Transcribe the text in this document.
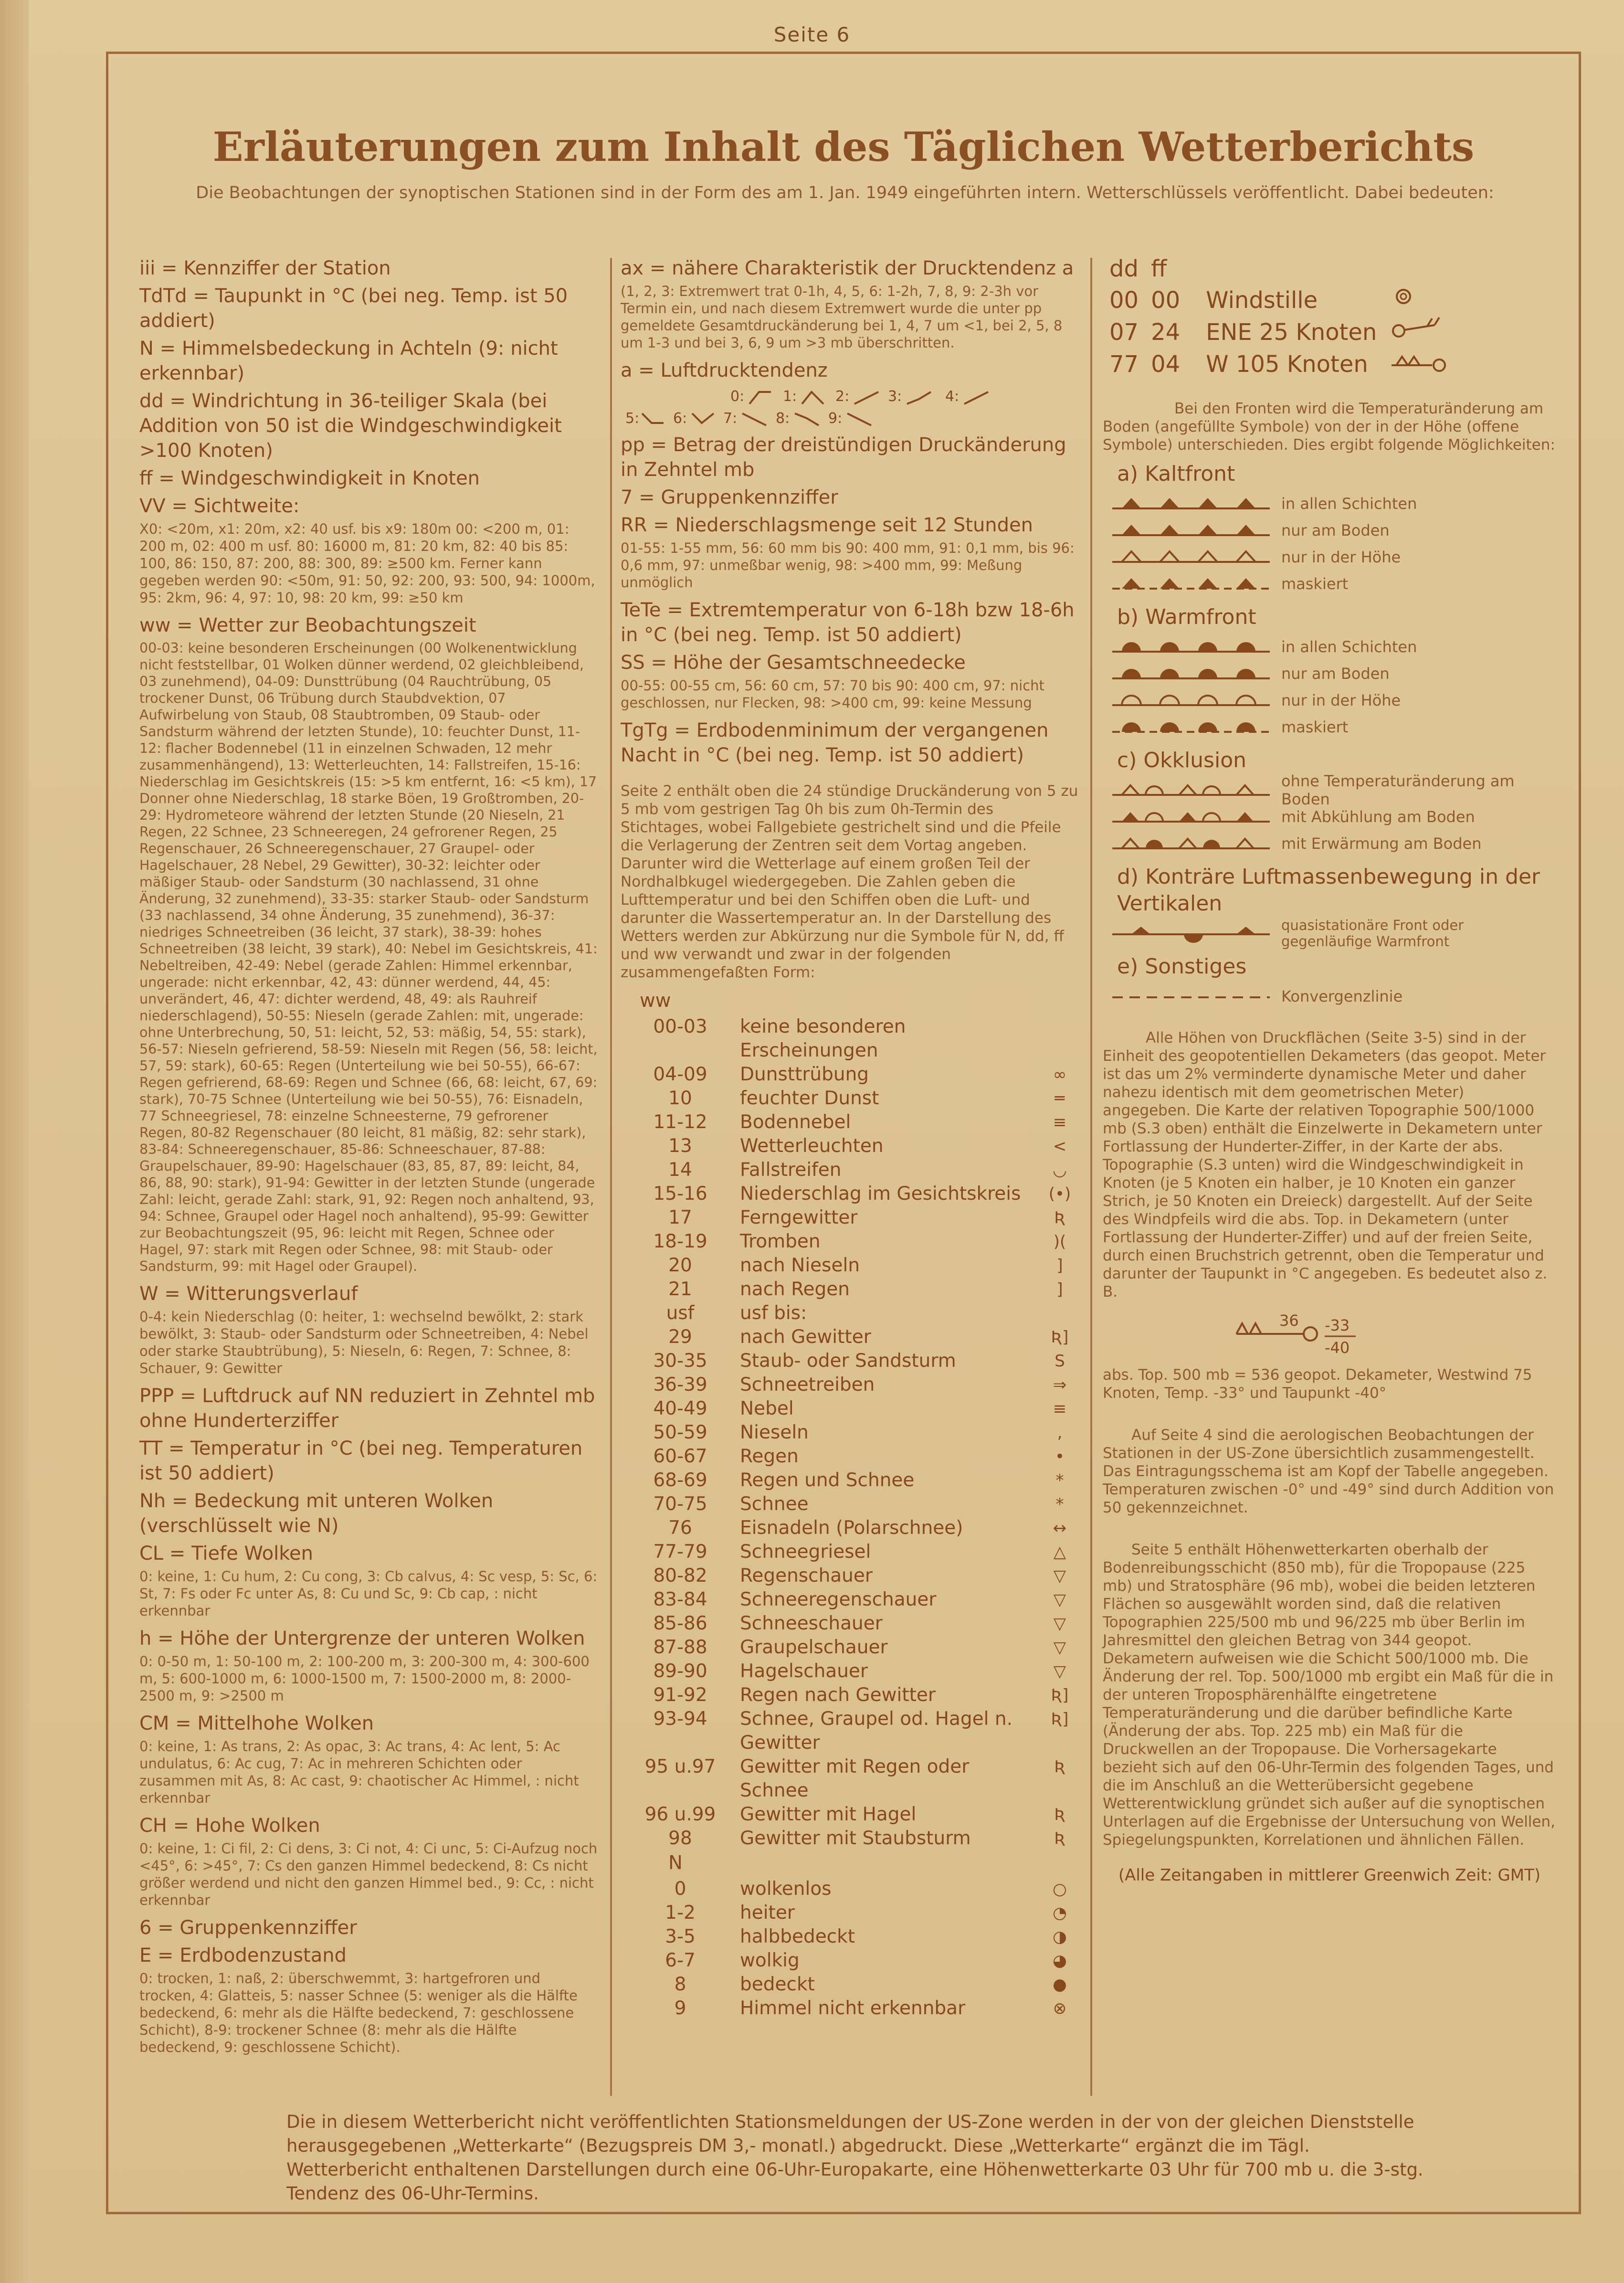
Seite 6
Erläuterungen zum Inhalt des Täglichen Wetterberichts
Die Beobachtungen der synoptischen Stationen sind in der Form des am 1. Jan. 1949 eingeführten intern. Wetterschlüssels veröffentlicht. Dabei bedeuten:
iii = Kennziffer der Station
TdTd = Taupunkt in °C (bei neg. Temp. ist 50 addiert)
N = Himmelsbedeckung in Achteln (9: nicht erkennbar)
dd = Windrichtung in 36-teiliger Skala (bei Addition von 50 ist die Windgeschwindigkeit >100 Knoten)
ff = Windgeschwindigkeit in Knoten
VV = Sichtweite:
X0: <20m, x1: 20m, x2: 40 usf. bis x9: 180m 00: <200 m, 01: 200 m, 02: 400 m usf. 80: 16000 m, 81: 20 km, 82: 40 bis 85: 100, 86: 150, 87: 200, 88: 300, 89: ≥500 km. Ferner kann gegeben werden 90: <50m, 91: 50, 92: 200, 93: 500, 94: 1000m, 95: 2km, 96: 4, 97: 10, 98: 20 km, 99: ≥50 km
ww = Wetter zur Beobachtungszeit
00-03: keine besonderen Erscheinungen (00 Wolkenentwicklung nicht feststellbar, 01 Wolken dünner werdend, 02 gleichbleibend, 03 zunehmend), 04-09: Dunsttrübung (04 Rauchtrübung, 05 trockener Dunst, 06 Trübung durch Staubdvektion, 07 Aufwirbelung von Staub, 08 Staubtromben, 09 Staub- oder Sandsturm während der letzten Stunde), 10: feuchter Dunst, 11-12: flacher Bodennebel (11 in einzelnen Schwaden, 12 mehr zusammenhängend), 13: Wetterleuchten, 14: Fallstreifen, 15-16: Niederschlag im Gesichtskreis (15: >5 km entfernt, 16: <5 km), 17 Donner ohne Niederschlag, 18 starke Böen, 19 Großtromben, 20-29: Hydrometeore während der letzten Stunde (20 Nieseln, 21 Regen, 22 Schnee, 23 Schneeregen, 24 gefrorener Regen, 25 Regenschauer, 26 Schneeregenschauer, 27 Graupel- oder Hagelschauer, 28 Nebel, 29 Gewitter), 30-32: leichter oder mäßiger Staub- oder Sandsturm (30 nachlassend, 31 ohne Änderung, 32 zunehmend), 33-35: starker Staub- oder Sandsturm (33 nachlassend, 34 ohne Änderung, 35 zunehmend), 36-37: niedriges Schneetreiben (36 leicht, 37 stark), 38-39: hohes Schneetreiben (38 leicht, 39 stark), 40: Nebel im Gesichtskreis, 41: Nebeltreiben, 42-49: Nebel (gerade Zahlen: Himmel erkennbar, ungerade: nicht erkennbar, 42, 43: dünner werdend, 44, 45: unverändert, 46, 47: dichter werdend, 48, 49: als Rauhreif niederschlagend), 50-55: Nieseln (gerade Zahlen: mit, ungerade: ohne Unterbrechung, 50, 51: leicht, 52, 53: mäßig, 54, 55: stark), 56-57: Nieseln gefrierend, 58-59: Nieseln mit Regen (56, 58: leicht, 57, 59: stark), 60-65: Regen (Unterteilung wie bei 50-55), 66-67: Regen gefrierend, 68-69: Regen und Schnee (66, 68: leicht, 67, 69: stark), 70-75 Schnee (Unterteilung wie bei 50-55), 76: Eisnadeln, 77 Schneegriesel, 78: einzelne Schneesterne, 79 gefrorener Regen, 80-82 Regenschauer (80 leicht, 81 mäßig, 82: sehr stark), 83-84: Schneeregenschauer, 85-86: Schneeschauer, 87-88: Graupelschauer, 89-90: Hagelschauer (83, 85, 87, 89: leicht, 84, 86, 88, 90: stark), 91-94: Gewitter in der letzten Stunde (ungerade Zahl: leicht, gerade Zahl: stark, 91, 92: Regen noch anhaltend, 93, 94: Schnee, Graupel oder Hagel noch anhaltend), 95-99: Gewitter zur Beobachtungszeit (95, 96: leicht mit Regen, Schnee oder Hagel, 97: stark mit Regen oder Schnee, 98: mit Staub- oder Sandsturm, 99: mit Hagel oder Graupel).
W = Witterungsverlauf
0-4: kein Niederschlag (0: heiter, 1: wechselnd bewölkt, 2: stark bewölkt, 3: Staub- oder Sandsturm oder Schneetreiben, 4: Nebel oder starke Staubtrübung), 5: Nieseln, 6: Regen, 7: Schnee, 8: Schauer, 9: Gewitter
PPP = Luftdruck auf NN reduziert in Zehntel mb ohne Hunderterziffer
TT = Temperatur in °C (bei neg. Temperaturen ist 50 addiert)
Nh = Bedeckung mit unteren Wolken (verschlüsselt wie N)
CL = Tiefe Wolken
0: keine, 1: Cu hum, 2: Cu cong, 3: Cb calvus, 4: Sc vesp, 5: Sc, 6: St, 7: Fs oder Fc unter As, 8: Cu und Sc, 9: Cb cap, : nicht erkennbar
h = Höhe der Untergrenze der unteren Wolken
0: 0-50 m, 1: 50-100 m, 2: 100-200 m, 3: 200-300 m, 4: 300-600 m, 5: 600-1000 m, 6: 1000-1500 m, 7: 1500-2000 m, 8: 2000-2500 m, 9: >2500 m
CM = Mittelhohe Wolken
0: keine, 1: As trans, 2: As opac, 3: Ac trans, 4: Ac lent, 5: Ac undulatus, 6: Ac cug, 7: Ac in mehreren Schichten oder zusammen mit As, 8: Ac cast, 9: chaotischer Ac Himmel, : nicht erkennbar
CH = Hohe Wolken
0: keine, 1: Ci fil, 2: Ci dens, 3: Ci not, 4: Ci unc, 5: Ci-Aufzug noch <45°, 6: >45°, 7: Cs den ganzen Himmel bedeckend, 8: Cs nicht größer werdend und nicht den ganzen Himmel bed., 9: Cc, : nicht erkennbar
6 = Gruppenkennziffer
E = Erdbodenzustand
0: trocken, 1: naß, 2: überschwemmt, 3: hartgefroren und trocken, 4: Glatteis, 5: nasser Schnee (5: weniger als die Hälfte bedeckend, 6: mehr als die Hälfte bedeckend, 7: geschlossene Schicht), 8-9: trockener Schnee (8: mehr als die Hälfte bedeckend, 9: geschlossene Schicht).
ax = nähere Charakteristik der Drucktendenz a
(1, 2, 3: Extremwert trat 0-1h, 4, 5, 6: 1-2h, 7, 8, 9: 2-3h vor Termin ein, und nach diesem Extremwert wurde die unter pp gemeldete Gesamtdruckänderung bei 1, 4, 7 um <1, bei 2, 5, 8 um 1-3 und bei 3, 6, 9 um >3 mb überschritten.
a = Luftdrucktendenz
0:	1:	2:	3:	4:
5: 6:	7:	8:	9:
pp = Betrag der dreistündigen Druckänderung in Zehntel mb
7 = Gruppenkennziffer
RR = Niederschlagsmenge seit 12 Stunden
01-55: 1-55 mm, 56: 60 mm bis 90: 400 mm, 91: 0,1 mm, bis 96: 0,6 mm, 97: unmeßbar wenig, 98: >400 mm, 99: Meßung unmöglich
TeTe = Extremtemperatur von 6-18h bzw 18-6h in °C (bei neg. Temp. ist 50 addiert)
SS = Höhe der Gesamtschneedecke
00-55: 00-55 cm, 56: 60 cm, 57: 70 bis 90: 400 cm, 97: nicht geschlossen, nur Flecken, 98: >400 cm, 99: keine Messung
TgTg = Erdbodenminimum der vergangenen Nacht in °C (bei neg. Temp. ist 50 addiert)
Seite 2 enthält oben die 24 stündige Druckänderung von 5 zu 5 mb vom gestrigen Tag 0h bis zum 0h-Termin des Stichtages, wobei Fallgebiete gestrichelt sind und die Pfeile die Verlagerung der Zentren seit dem Vortag angeben. Darunter wird die Wetterlage auf einem großen Teil der Nordhalbkugel wiedergegeben. Die Zahlen geben die Lufttemperatur und bei den Schiffen oben die Luft- und darunter die Wassertemperatur an. In der Darstellung des Wetters werden zur Abkürzung nur die Symbole für N, dd, ff und ww verwandt und zwar in der folgenden zusammengefaßten Form:
ww
00-03	keine besonderen Erscheinungen	
04-09	Dunsttrübung	∞
10	feuchter Dunst	═
11-12	Bodennebel	≡
13	Wetterleuchten	<
14	Fallstreifen	◡
15-16	Niederschlag im Gesichtskreis	(•)
17	Ferngewitter	Ʀ
18-19	Tromben	)(
20	nach Nieseln	]
21	nach Regen	]
usf	usf bis:	
29	nach Gewitter	Ʀ]
30-35	Staub- oder Sandsturm	S
36-39	Schneetreiben	⇒
40-49	Nebel	≡
50-59	Nieseln	,
60-67	Regen	•
68-69	Regen und Schnee	*
70-75	Schnee	*
76	Eisnadeln (Polarschnee)	↔
77-79	Schneegriesel	△
80-82	Regenschauer	▽
83-84	Schneeregenschauer	▽
85-86	Schneeschauer	▽
87-88	Graupelschauer	▽
89-90	Hagelschauer	▽
91-92	Regen nach Gewitter	Ʀ]
93-94	Schnee, Graupel od. Hagel n. Gewitter	Ʀ]
95 u.97	Gewitter mit Regen oder Schnee	Ʀ
96 u.99	Gewitter mit Hagel	Ʀ
98	Gewitter mit Staubsturm	Ʀ
N
0	wolkenlos	○
1-2	heiter	◔
3-5	halbbedeckt	◑
6-7	wolkig	◕
8	bedeckt	●
9	Himmel nicht erkennbar	⊗
dd	ff		
00	00	Windstille	
07	24	ENE 25 Knoten	
77	04	W 105 Knoten	
Bei den Fronten wird die Temperaturänderung am Boden (angefüllte Symbole) von der in der Höhe (offene Symbole) unterschieden. Dies ergibt folgende Möglichkeiten:
a) Kaltfront
in allen Schichten
nur am Boden
nur in der Höhe
maskiert
b) Warmfront
in allen Schichten
nur am Boden
nur in der Höhe
maskiert
c) Okklusion
ohne Temperaturänderung am Boden
mit Abkühlung am Boden
mit Erwärmung am Boden
d) Konträre Luftmassenbewegung in der Vertikalen
quasistationäre Front oder gegenläufige Warmfront
e) Sonstiges
Konvergenzlinie
Alle Höhen von Druckflächen (Seite 3-5) sind in der Einheit des geopotentiellen Dekameters (das geopot. Meter ist das um 2% verminderte dynamische Meter und daher nahezu identisch mit dem geometrischen Meter) angegeben. Die Karte der relativen Topographie 500/1000 mb (S.3 oben) enthält die Einzelwerte in Dekametern unter Fortlassung der Hunderter-Ziffer, in der Karte der abs. Topographie (S.3 unten) wird die Windgeschwindigkeit in Knoten (je 5 Knoten ein halber, je 10 Knoten ein ganzer Strich, je 50 Knoten ein Dreieck) dargestellt. Auf der Seite des Windpfeils wird die abs. Top. in Dekametern (unter Fortlassung der Hunderter-Ziffer) und auf der freien Seite, durch einen Bruchstrich getrennt, oben die Temperatur und darunter der Taupunkt in °C angegeben. Es bedeutet also z. B.
36 -33
-40
abs. Top. 500 mb = 536 geopot. Dekameter, Westwind 75 Knoten, Temp. -33° und Taupunkt -40°
Auf Seite 4 sind die aerologischen Beobachtungen der Stationen in der US-Zone übersichtlich zusammengestellt. Das Eintragungsschema ist am Kopf der Tabelle angegeben. Temperaturen zwischen -0° und -49° sind durch Addition von 50 gekennzeichnet.
Seite 5 enthält Höhenwetterkarten oberhalb der Bodenreibungsschicht (850 mb), für die Tropopause (225 mb) und Stratosphäre (96 mb), wobei die beiden letzteren Flächen so ausgewählt worden sind, daß die relativen Topographien 225/500 mb und 96/225 mb über Berlin im Jahresmittel den gleichen Betrag von 344 geopot. Dekametern aufweisen wie die Schicht 500/1000 mb. Die Änderung der rel. Top. 500/1000 mb ergibt ein Maß für die in der unteren Troposphärenhälfte eingetretene Temperaturänderung und die darüber befindliche Karte (Änderung der abs. Top. 225 mb) ein Maß für die Druckwellen an der Tropopause. Die Vorhersagekarte bezieht sich auf den 06-Uhr-Termin des folgenden Tages, und die im Anschluß an die Wetterübersicht gegebene Wetterentwicklung gründet sich außer auf die synoptischen Unterlagen auf die Ergebnisse der Untersuchung von Wellen, Spiegelungspunkten, Korrelationen und ähnlichen Fällen.
(Alle Zeitangaben in mittlerer Greenwich Zeit: GMT)
Die in diesem Wetterbericht nicht veröffentlichten Stationsmeldungen der US-Zone werden in der von der gleichen Dienststelle herausgegebenen „Wetterkarte“ (Bezugspreis DM 3,- monatl.) abgedruckt. Diese „Wetterkarte“ ergänzt die im Tägl. Wetterbericht enthaltenen Darstellungen durch eine 06-Uhr-Europakarte, eine Höhenwetterkarte 03 Uhr für 700 mb u. die 3-stg. Tendenz des 06-Uhr-Termins.
